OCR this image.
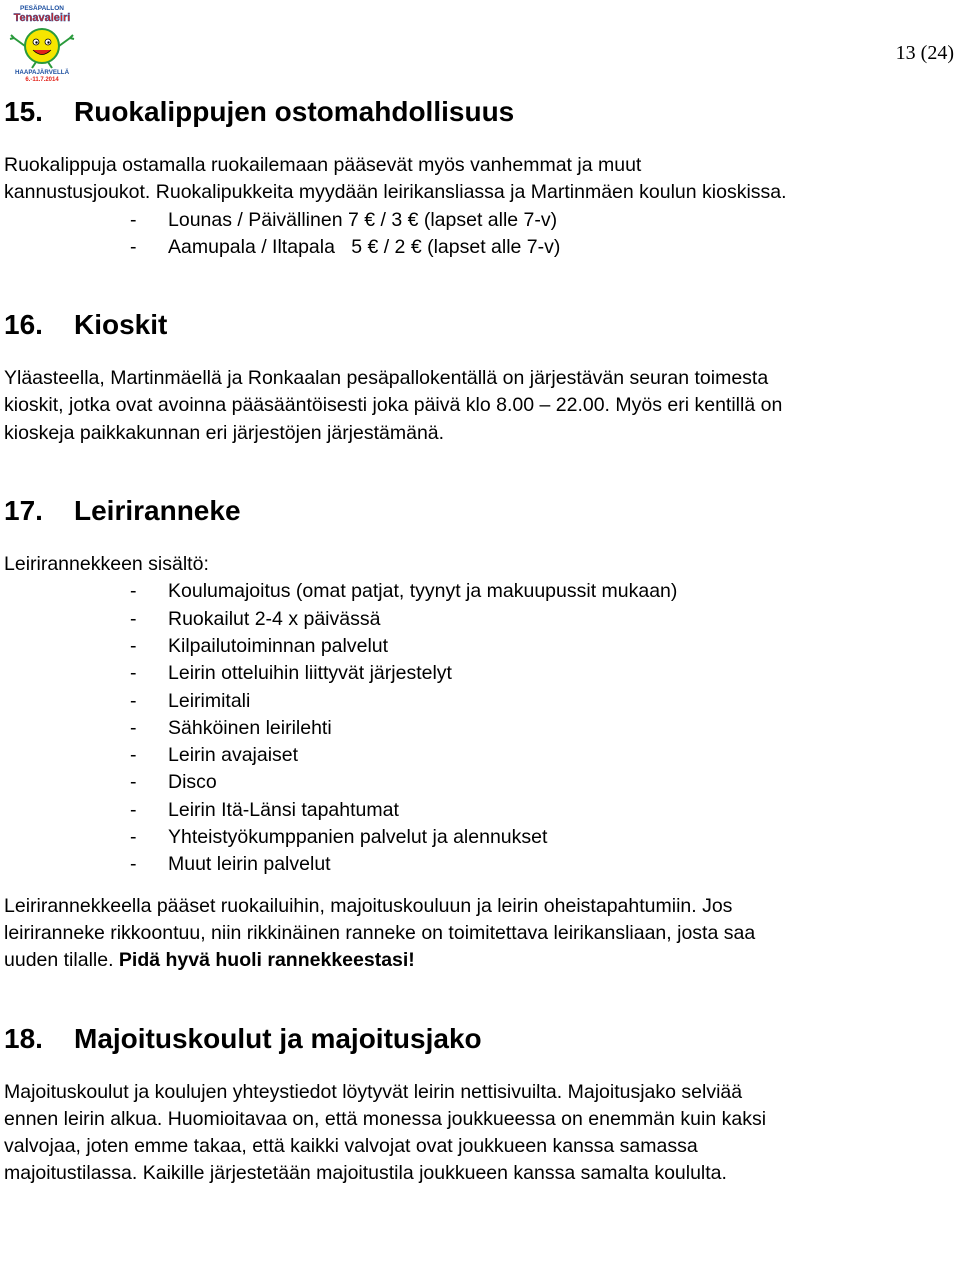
PESÄPALLON
Tenavaleiri
HAAPAJÄRVELLÄ
6.-11.7.2014
13 (24)
15.	Ruokalippujen ostomahdollisuus

Ruokalippuja ostamalla ruokailemaan pääsevät myös vanhemmat ja muut

kannustusjoukot. Ruokalipukkeita myydään leirikansliassa ja Martinmäen koulun kioskissa.

-	Lounas / Päivällinen 7 € / 3 € (lapset alle 7-v)
-	Aamupala / Iltapala   5 € / 2 € (lapset alle 7-v)
16.	Kioskit

Yläasteella, Martinmäellä ja Ronkaalan pesäpallokentällä on järjestävän seuran toimesta

kioskit, jotka ovat avoinna pääsääntöisesti joka päivä klo 8.00 – 22.00. Myös eri kentillä on

kioskeja paikkakunnan eri järjestöjen järjestämänä.

17.	Leiriranneke

Leirirannekkeen sisältö:

-	Koulumajoitus (omat patjat, tyynyt ja makuupussit mukaan)
-	Ruokailut 2-4 x päivässä
-	Kilpailutoiminnan palvelut
-	Leirin otteluihin liittyvät järjestelyt
-	Leirimitali
-	Sähköinen leirilehti
-	Leirin avajaiset
-	Disco
-	Leirin Itä-Länsi tapahtumat
-	Yhteistyökumppanien palvelut ja alennukset
-	Muut leirin palvelut

Leirirannekkeella pääset ruokailuihin, majoituskouluun ja leirin oheistapahtumiin. Jos

leiriranneke rikkoontuu, niin rikkinäinen ranneke on toimitettava leirikansliaan, josta saa

uuden tilalle. Pidä hyvä huoli rannekkeestasi!

18.	Majoituskoulut ja majoitusjako

Majoituskoulut ja koulujen yhteystiedot löytyvät leirin nettisivuilta. Majoitusjako selviää

ennen leirin alkua. Huomioitavaa on, että monessa joukkueessa on enemmän kuin kaksi

valvojaa, joten emme takaa, että kaikki valvojat ovat joukkueen kanssa samassa

majoitustilassa. Kaikille järjestetään majoitustila joukkueen kanssa samalta koululta.
